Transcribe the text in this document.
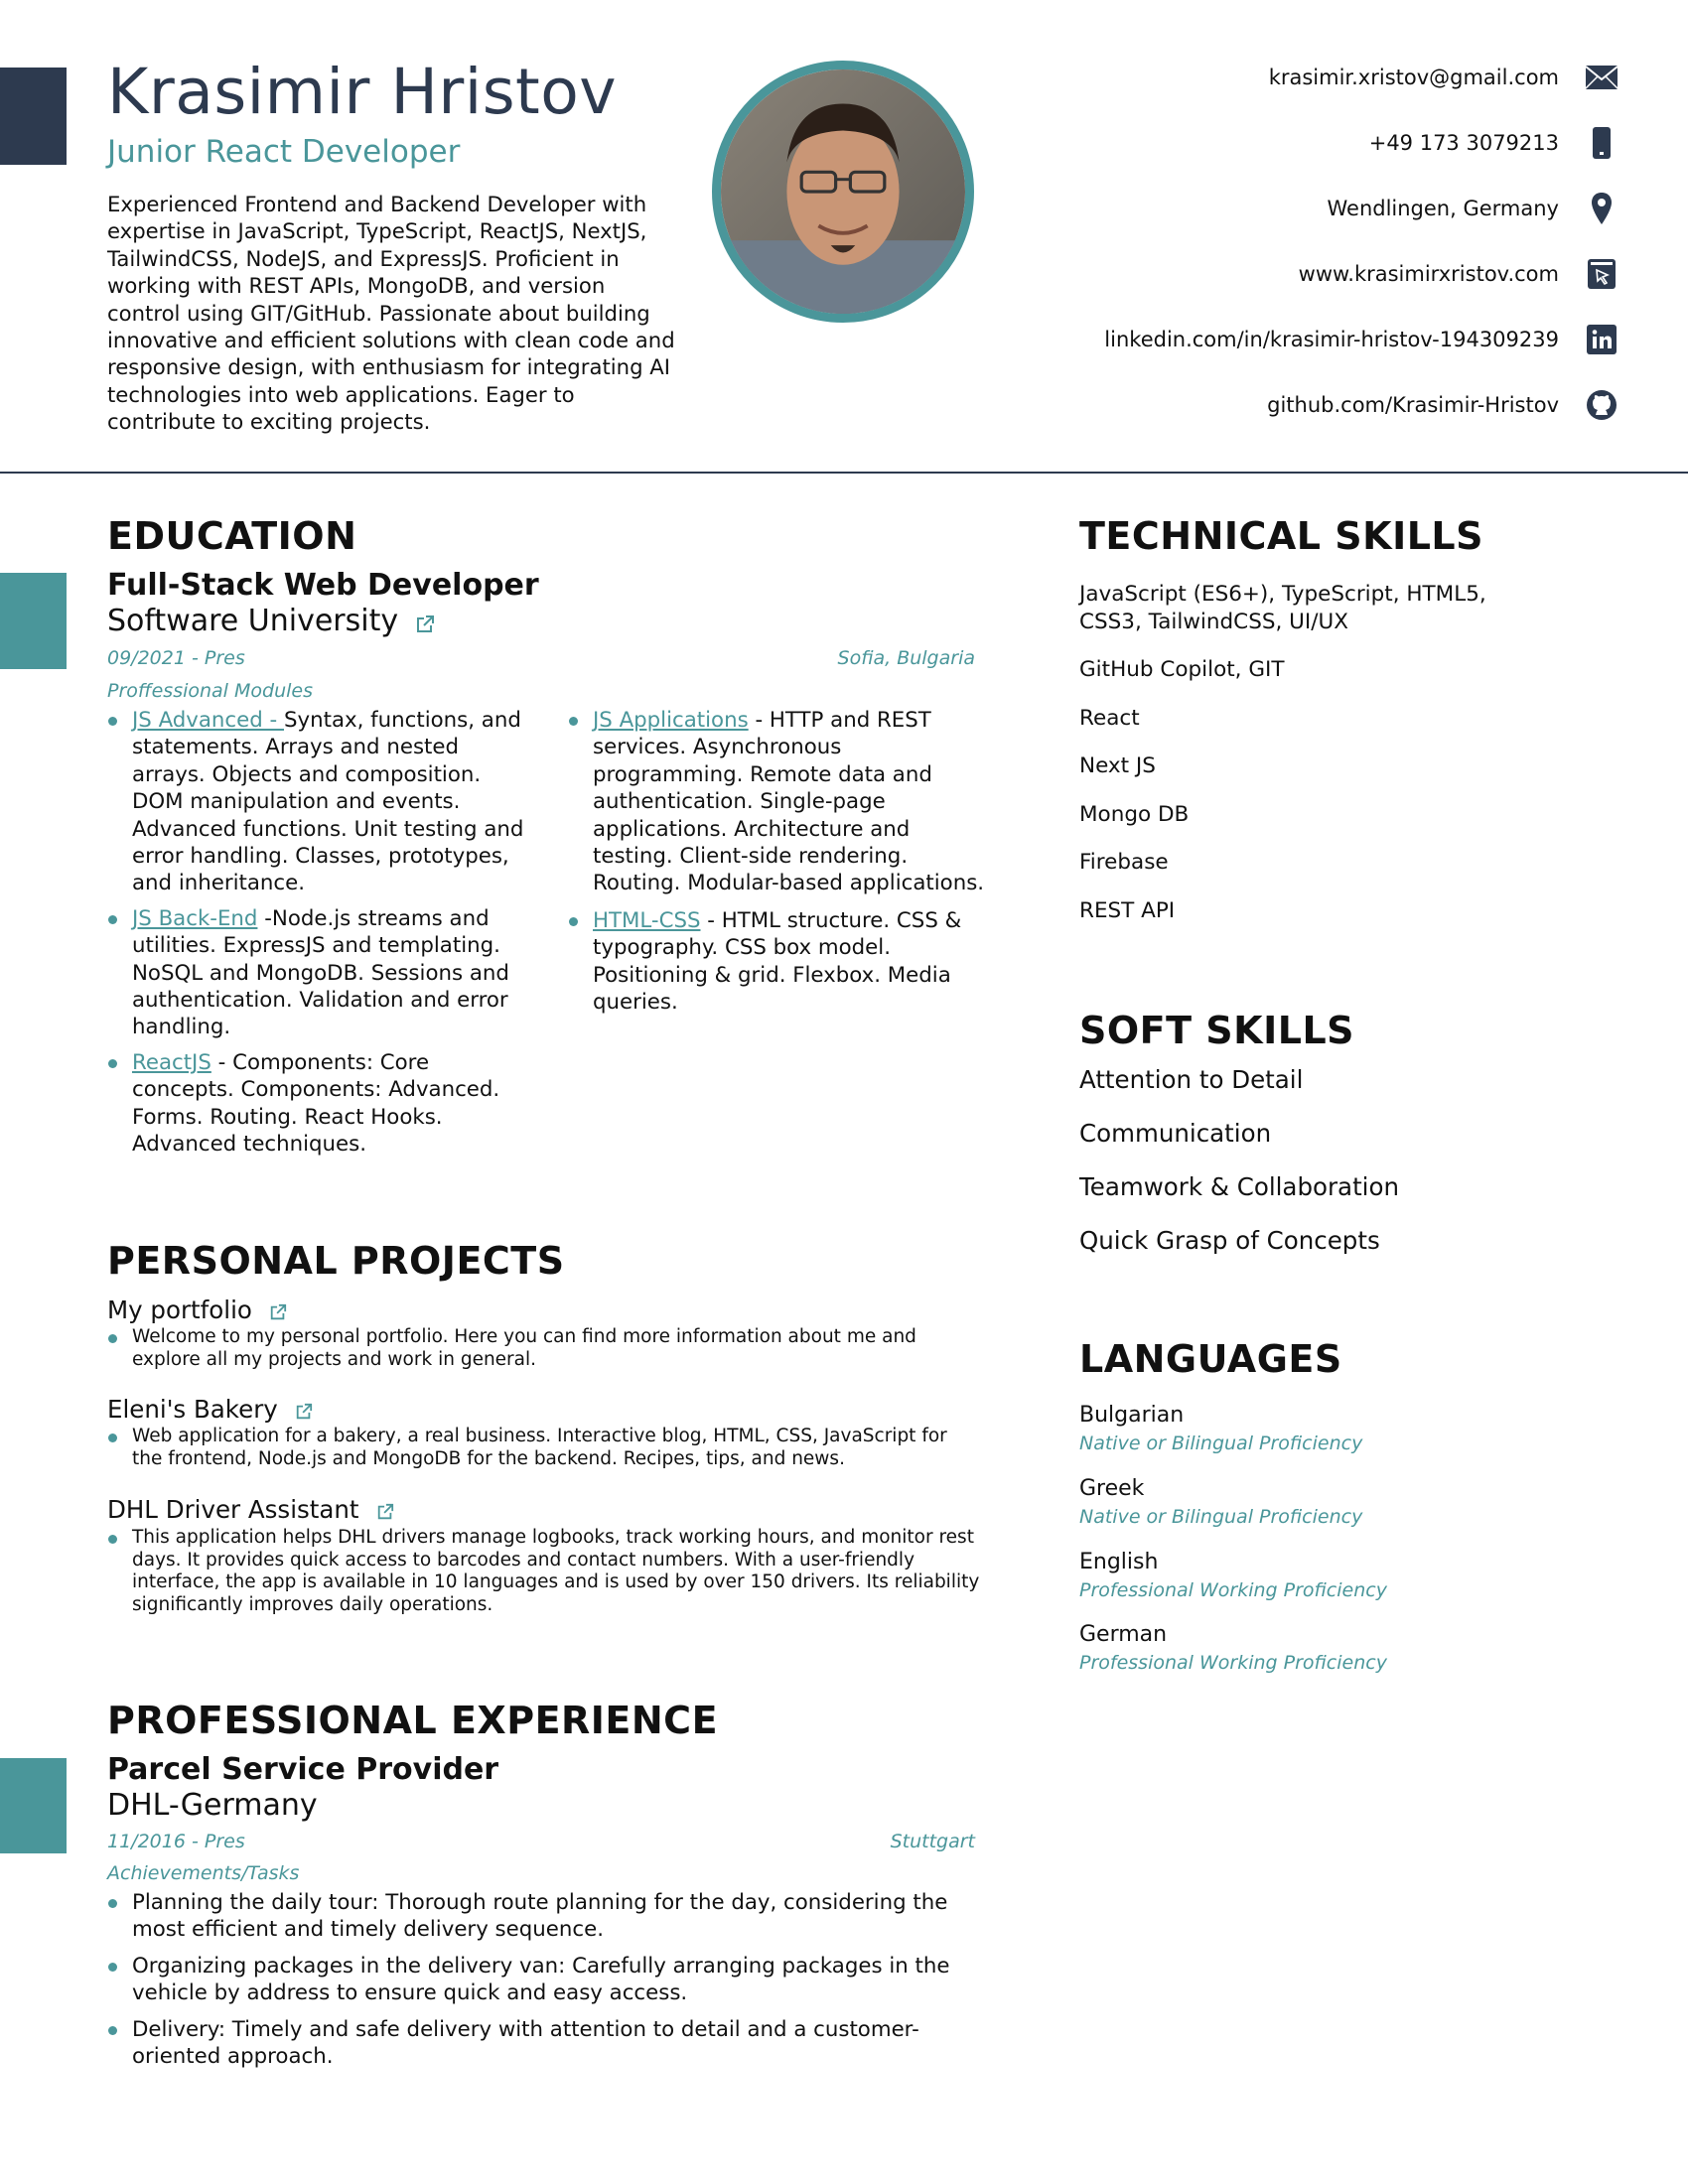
Krasimir Hristov
Junior React Developer
Experienced Frontend and Backend Developer with expertise in JavaScript, TypeScript, ReactJS, NextJS, TailwindCSS, NodeJS, and ExpressJS. Proficient in working with REST APIs, MongoDB, and version control using GIT/GitHub. Passionate about building innovative and efficient solutions with clean code and responsive design, with enthusiasm for integrating AI technologies into web applications. Eager to contribute to exciting projects.
krasimir.xristov@gmail.com
+49 173 3079213
Wendlingen, Germany
www.krasimirxristov.com
linkedin.com/in/krasimir-hristov-194309239
github.com/Krasimir-Hristov
EDUCATION
Full-Stack Web Developer
Software University
09/2021 - Pres	Sofia, Bulgaria
Proffessional Modules
JS Advanced - Syntax, functions, and statements. Arrays and nested arrays. Objects and composition. DOM manipulation and events. Advanced functions. Unit testing and error handling. Classes, prototypes, and inheritance.
JS Back-End -Node.js streams and utilities. ExpressJS and templating. NoSQL and MongoDB. Sessions and authentication. Validation and error handling.
ReactJS - Components: Core concepts. Components: Advanced. Forms. Routing. React Hooks. Advanced techniques.
JS Applications - HTTP and REST services. Asynchronous programming. Remote data and authentication. Single-page applications. Architecture and testing. Client-side rendering. Routing. Modular-based applications.
HTML-CSS - HTML structure. CSS & typography. CSS box model. Positioning & grid. Flexbox. Media queries.
PERSONAL PROJECTS
My portfolio
Welcome to my personal portfolio. Here you can find more information about me and explore all my projects and work in general.
Eleni's Bakery
Web application for a bakery, a real business. Interactive blog, HTML, CSS, JavaScript for the frontend, Node.js and MongoDB for the backend. Recipes, tips, and news.
DHL Driver Assistant
This application helps DHL drivers manage logbooks, track working hours, and monitor rest days. It provides quick access to barcodes and contact numbers. With a user-friendly interface, the app is available in 10 languages and is used by over 150 drivers. Its reliability significantly improves daily operations.
PROFESSIONAL EXPERIENCE
Parcel Service Provider
DHL-Germany
11/2016 - Pres	Stuttgart
Achievements/Tasks
Planning the daily tour: Thorough route planning for the day, considering the most efficient and timely delivery sequence.
Organizing packages in the delivery van: Carefully arranging packages in the vehicle by address to ensure quick and easy access.
Delivery: Timely and safe delivery with attention to detail and a customer-oriented approach.
TECHNICAL SKILLS
JavaScript (ES6+), TypeScript, HTML5, CSS3, TailwindCSS, UI/UX
GitHub Copilot, GIT
React
Next JS
Mongo DB
Firebase
REST API
SOFT SKILLS
Attention to Detail
Communication
Teamwork & Collaboration
Quick Grasp of Concepts
LANGUAGES
Bulgarian
Native or Bilingual Proficiency
Greek
Native or Bilingual Proficiency
English
Professional Working Proficiency
German
Professional Working Proficiency
